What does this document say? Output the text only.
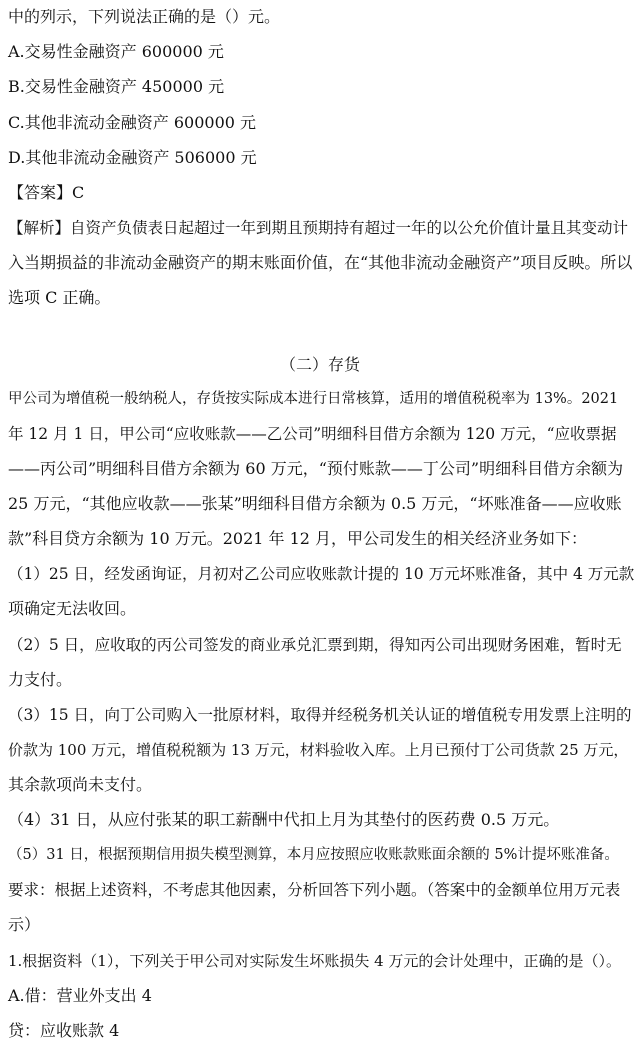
中的列示，下列说法正确的是（）元。
A.交易性金融资产 600000 元
B.交易性金融资产 450000 元
C.其他非流动金融资产 600000 元
D.其他非流动金融资产 506000 元
【答案】C
【解析】自资产负债表日起超过一年到期且预期持有超过一年的以公允价值计量且其变动计
入当期损益的非流动金融资产的期末账面价值，在“其他非流动金融资产”项目反映。所以
选项 C 正确。
（二）存货
甲公司为增值税一般纳税人，存货按实际成本进行日常核算，适用的增值税税率为 13%。2021
年 12 月 1 日，甲公司“应收账款——乙公司”明细科目借方余额为 120 万元，“应收票据
——丙公司”明细科目借方余额为 60 万元，“预付账款——丁公司”明细科目借方余额为
25 万元，“其他应收款——张某”明细科目借方余额为 0.5 万元，“坏账准备——应收账
款”科目贷方余额为 10 万元。2021 年 12 月，甲公司发生的相关经济业务如下：
（1）25 日，经发函询证，月初对乙公司应收账款计提的 10 万元坏账准备，其中 4 万元款
项确定无法收回。
（2）5 日，应收取的丙公司签发的商业承兑汇票到期，得知丙公司出现财务困难，暂时无
力支付。
（3）15 日，向丁公司购入一批原材料，取得并经税务机关认证的增值税专用发票上注明的
价款为 100 万元，增值税税额为 13 万元，材料验收入库。上月已预付丁公司货款 25 万元，
其余款项尚未支付。
（4）31 日，从应付张某的职工薪酬中代扣上月为其垫付的医药费 0.5 万元。
（5）31 日，根据预期信用损失模型测算，本月应按照应收账款账面余额的 5%计提坏账准备。
要求：根据上述资料，不考虑其他因素，分析回答下列小题。（答案中的金额单位用万元表
示）
1.根据资料（1），下列关于甲公司对实际发生坏账损失 4 万元的会计处理中，正确的是（）。
A.借：营业外支出 4
贷：应收账款 4
